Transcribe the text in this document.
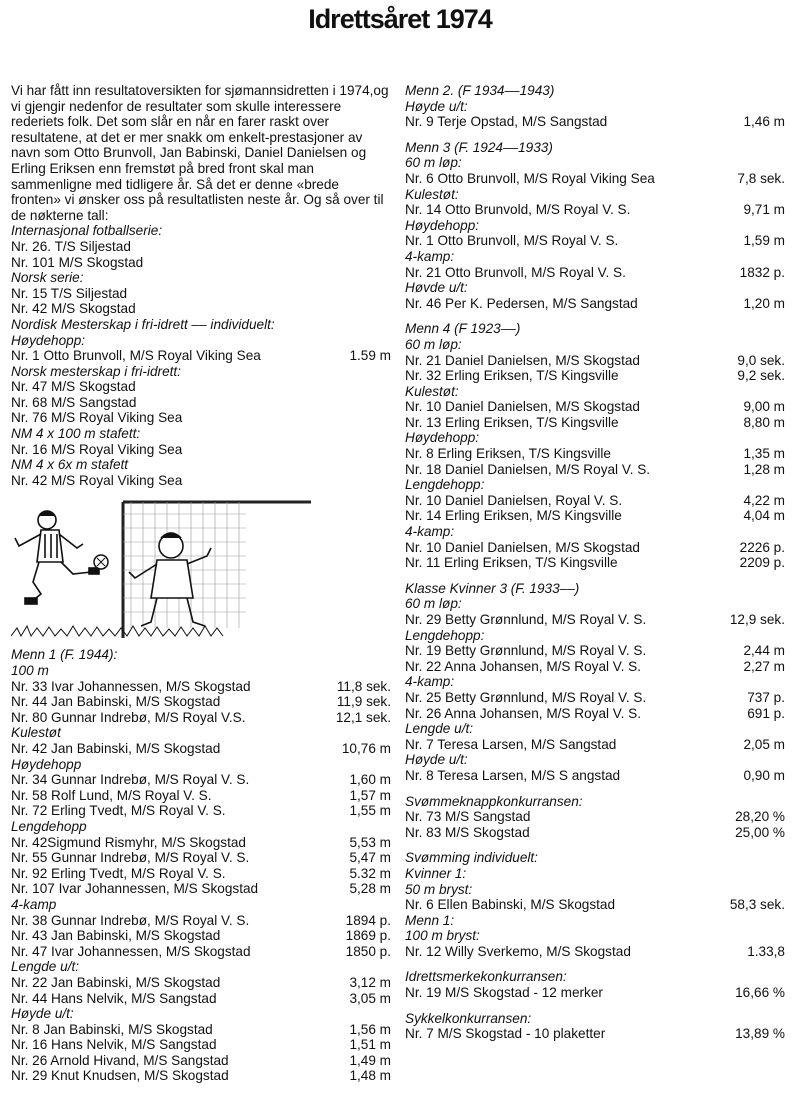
Idrettsåret 1974

Vi har fått inn resultatoversikten for sjømannsidretten i 1974,og vi gjengir nedenfor de resultater som skulle interessere rederiets folk. Det som slår en når en farer raskt over resultatene, at det er mer snakk om enkelt-prestasjoner av navn som Otto Brunvoll, Jan Babinski, Daniel Danielsen og Erling Eriksen enn fremstøt på bred front skal man sammenligne med tidligere år. Så det er denne «brede fronten» vi ønsker oss på resultatlisten neste år. Og så over til de nøkterne tall:

Internasjonal fotballserie:
Nr. 26. T/S Siljestad
Nr. 101 M/S Skogstad
Norsk serie:
Nr. 15 T/S Siljestad
Nr. 42 M/S Skogstad
Nordisk Mesterskap i fri-idrett –– individuelt:
Høydehopp:
Nr. 1 Otto Brunvoll, M/S Royal Viking Sea	1.59 m
Norsk mesterskap i fri-idrett:
Nr. 47 M/S Skogstad
Nr. 68 M/S Sangstad
Nr. 76 M/S Royal Viking Sea
NM 4 x 100 m stafett:
Nr. 16 M/S Royal Viking Sea
NM 4 x 6x m stafett
Nr. 42 M/S Royal Viking Sea
Menn 1 (F. 1944):
100 m
Nr. 33 Ivar Johannessen, M/S Skogstad	11,8 sek.
Nr. 44 Jan Babinski, M/S Skogstad	11,9 sek.
Nr. 80 Gunnar Indrebø, M/S Royal V.S.	12,1 sek.
Kulestøt
Nr. 42 Jan Babinski, M/S Skogstad	10,76 m
Høydehopp
Nr. 34 Gunnar Indrebø, M/S Royal V. S.	1,60 m
Nr. 58 Rolf Lund, M/S Royal V. S.	1,57 m
Nr. 72 Erling Tvedt, M/S Royal V. S.	1,55 m
Lengdehopp
Nr. 42Sigmund Rismyhr, M/S Skogstad	5,53 m
Nr. 55 Gunnar Indrebø, M/S Royal V. S.	5,47 m
Nr. 92 Erling Tvedt, M/S Royal V. S.	5.32 m
Nr. 107 Ivar Johannessen, M/S Skogstad	5,28 m
4-kamp
Nr. 38 Gunnar Indrebø, M/S Royal V. S.	1894 p.
Nr. 43 Jan Babinski, M/S Skogstad	1869 p.
Nr. 47 Ivar Johannessen, M/S Skogstad	1850 p.
Lengde u/t:
Nr. 22 Jan Babinski, M/S Skogstad	3,12 m
Nr. 44 Hans Nelvik, M/S Sangstad	3,05 m
Høyde u/t:
Nr. 8 Jan Babinski, M/S Skogstad	1,56 m
Nr. 16 Hans Nelvik, M/S Sangstad	1,51 m
Nr. 26 Arnold Hivand, M/S Sangstad	1,49 m
Nr. 29 Knut Knudsen, M/S Skogstad	1,48 m
Menn 2. (F 1934––1943)
Høyde u/t:
Nr. 9 Terje Opstad, M/S Sangstad	1,46 m
Menn 3 (F. 1924––1933)
60 m løp:
Nr. 6 Otto Brunvoll, M/S Royal Viking Sea	7,8 sek.
Kulestøt:
Nr. 14 Otto Brunvold, M/S Royal V. S.	9,71 m
Høydehopp:
Nr. 1 Otto Brunvoll, M/S Royal V. S.	1,59 m
4-kamp:
Nr. 21 Otto Brunvoll, M/S Royal V. S.	1832 p.
Høvde u/t:
Nr. 46 Per K. Pedersen, M/S Sangstad	1,20 m
Menn 4 (F 1923––)
60 m løp:
Nr. 21 Daniel Danielsen, M/S Skogstad	9,0 sek.
Nr. 32 Erling Eriksen, T/S Kingsville	9,2 sek.
Kulestøt:
Nr. 10 Daniel Danielsen, M/S Skogstad	9,00 m
Nr. 13 Erling Eriksen, T/S Kingsville	8,80 m
Høydehopp:
Nr. 8 Erling Eriksen, T/S Kingsville	1,35 m
Nr. 18 Daniel Danielsen, M/S Royal V. S.	1,28 m
Lengdehopp:
Nr. 10 Daniel Danielsen, Royal V. S.	4,22 m
Nr. 14 Erling Eriksen, M/S Kingsville	4,04 m
4-kamp:
Nr. 10 Daniel Danielsen, M/S Skogstad	2226 p.
Nr. 11 Erling Eriksen, T/S Kingsville	2209 p.
Klasse Kvinner 3 (F. 1933––)
60 m løp:
Nr. 29 Betty Grønnlund, M/S Royal V. S.	12,9 sek.
Lengdehopp:
Nr. 19 Betty Grønnlund, M/S Royal V. S.	2,44 m
Nr. 22 Anna Johansen, M/S Royal V. S.	2,27 m
4-kamp:
Nr. 25 Betty Grønnlund, M/S Royal V. S.	737 p.
Nr. 26 Anna Johansen, M/S Royal V. S.	691 p.
Lengde u/t:
Nr. 7 Teresa Larsen, M/S Sangstad	2,05 m
Høyde u/t:
Nr. 8 Teresa Larsen, M/S S angstad	0,90 m
Svømmeknappkonkurransen:
Nr. 73 M/S Sangstad	28,20 %
Nr. 83 M/S Skogstad	25,00 %
Svømming individuelt:
Kvinner 1:
50 m bryst:
Nr. 6 Ellen Babinski, M/S Skogstad	58,3 sek.
Menn 1:
100 m bryst:
Nr. 12 Willy Sverkemo, M/S Skogstad	1.33,8
Idrettsmerkekonkurransen:
Nr. 19 M/S Skogstad - 12 merker	16,66 %
Sykkelkonkurransen:
Nr. 7 M/S Skogstad - 10 plaketter	13,89 %
